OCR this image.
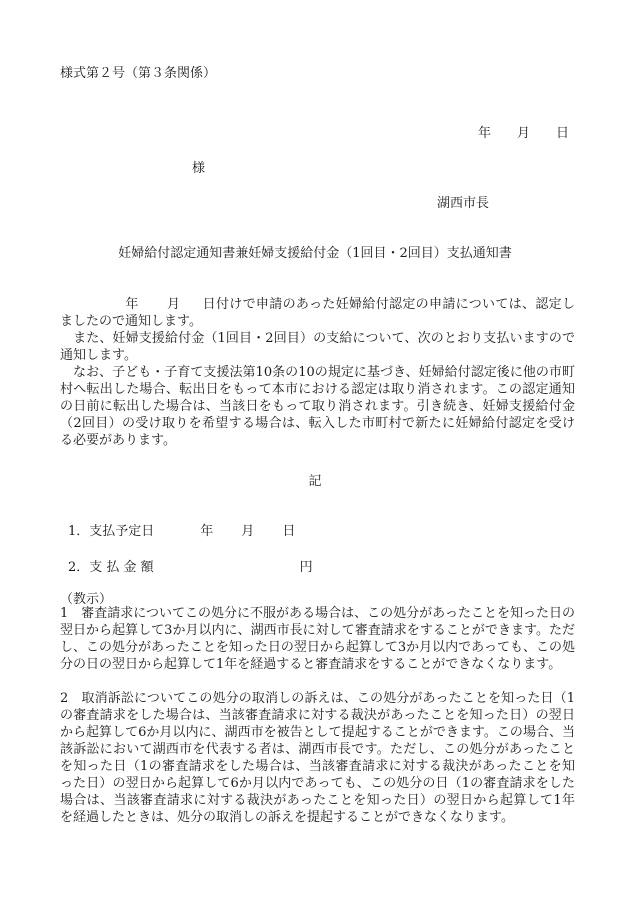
様式第２号（第３条関係）
年 月 日
様
湖西市長
妊婦給付認定通知書兼妊婦支援給付金（1回目・2回目）支払通知書
年 月 日付けで申請のあった妊婦給付認定の申請については、認定しましたので通知します。
　また、妊婦支援給付金（1回目・2回目）の支給について、次のとおり支払いますので通知します。
　なお、子ども・子育て支援法第10条の10の規定に基づき、妊婦給付認定後に他の市町村へ転出した場合、転出日をもって本市における認定は取り消されます。この認定通知の日前に転出した場合は、当該日をもって取り消されます。引き続き、妊婦支援給付金（2回目）の受け取りを希望する場合は、転入した市町村で新たに妊婦給付認定を受ける必要があります。
記
1．支払予定日	年 月 日
2．支 払 金 額	円
（教示）
1　審査請求についてこの処分に不服がある場合は、この処分があったことを知った日の翌日から起算して3か月以内に、湖西市長に対して審査請求をすることができます。ただし、この処分があったことを知った日の翌日から起算して3か月以内であっても、この処分の日の翌日から起算して1年を経過すると審査請求をすることができなくなります。
2　取消訴訟についてこの処分の取消しの訴えは、この処分があったことを知った日（1の審査請求をした場合は、当該審査請求に対する裁決があったことを知った日）の翌日から起算して6か月以内に、湖西市を被告として提起することができます。この場合、当該訴訟において湖西市を代表する者は、湖西市長です。ただし、この処分があったことを知った日（1の審査請求をした場合は、当該審査請求に対する裁決があったことを知った日）の翌日から起算して6か月以内であっても、この処分の日（1の審査請求をした場合は、当該審査請求に対する裁決があったことを知った日）の翌日から起算して1年を経過したときは、処分の取消しの訴えを提起することができなくなります。
